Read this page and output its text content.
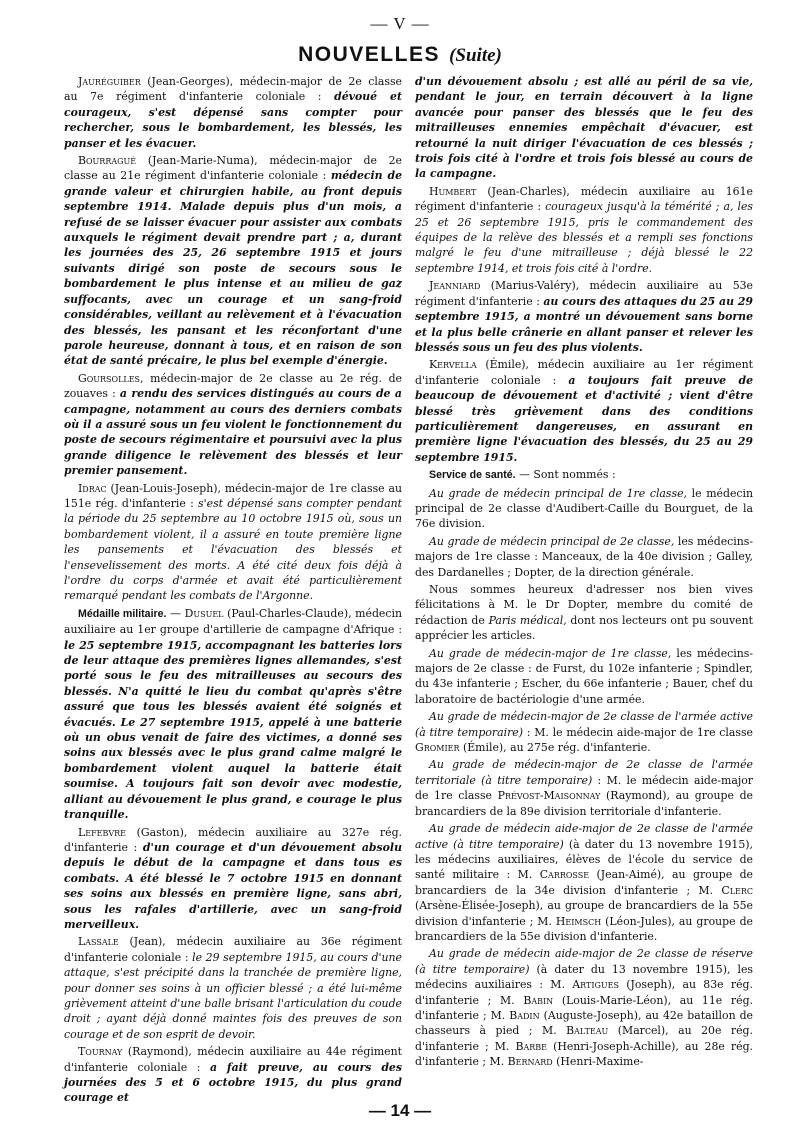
— V —
NOUVELLES (Suite)

Jauréguiber (Jean-Georges), médecin-major de 2e classe au 7e régiment d'infanterie coloniale : dévoué et courageux, s'est dépensé sans compter pour rechercher, sous le bombardement, les blessés, les panser et les évacuer.

Bourragué (Jean-Marie-Numa), médecin-major de 2e classe au 21e régiment d'infanterie coloniale : médecin de grande valeur et chirurgien habile, au front depuis septembre 1914. Malade depuis plus d'un mois, a refusé de se laisser évacuer pour assister aux combats auxquels le régiment devait prendre part ; a, durant les journées des 25, 26 septembre 1915 et jours suivants dirigé son poste de secours sous le bombardement le plus intense et au milieu de gaz suffocants, avec un courage et un sang-froid considérables, veillant au relèvement et à l'évacuation des blessés, les pansant et les réconfortant d'une parole heureuse, donnant à tous, et en raison de son état de santé précaire, le plus bel exemple d'énergie.

Goursolles, médecin-major de 2e classe au 2e rég. de zouaves : a rendu des services distingués au cours de a campagne, notamment au cours des derniers combats où il a assuré sous un feu violent le fonctionnement du poste de secours régimentaire et poursuivi avec la plus grande diligence le relèvement des blessés et leur premier pansement.

Idrac (Jean-Louis-Joseph), médecin-major de 1re classe au 151e rég. d'infanterie : s'est dépensé sans compter pendant la période du 25 septembre au 10 octobre 1915 où, sous un bombardement violent, il a assuré en toute première ligne les pansements et l'évacuation des blessés et l'ensevelissement des morts. A été cité deux fois déjà à l'ordre du corps d'armée et avait été particulièrement remarqué pendant les combats de l'Argonne.

Médaille militaire. — Dusuel (Paul-Charles-Claude), médecin auxiliaire au 1er groupe d'artillerie de campagne d'Afrique : le 25 septembre 1915, accompagnant les batteries lors de leur attaque des premières lignes allemandes, s'est porté sous le feu des mitrailleuses au secours des blessés. N'a quitté le lieu du combat qu'après s'être assuré que tous les blessés avaient été soignés et évacués. Le 27 septembre 1915, appelé à une batterie où un obus venait de faire des victimes, a donné ses soins aux blessés avec le plus grand calme malgré le bombardement violent auquel la batterie était soumise. A toujours fait son devoir avec modestie, alliant au dévouement le plus grand, e courage le plus tranquille.

Lefebvre (Gaston), médecin auxiliaire au 327e rég. d'infanterie : d'un courage et d'un dévouement absolu depuis le début de la campagne et dans tous es combats. A été blessé le 7 octobre 1915 en donnant ses soins aux blessés en première ligne, sans abri, sous les rafales d'artillerie, avec un sang-froid merveilleux.

Lassale (Jean), médecin auxiliaire au 36e régiment d'infanterie coloniale : le 29 septembre 1915, au cours d'une attaque, s'est précipité dans la tranchée de première ligne, pour donner ses soins à un officier blessé ; a été lui-même grièvement atteint d'une balle brisant l'articulation du coude droit ; ayant déjà donné maintes fois des preuves de son courage et de son esprit de devoir.

Tournay (Raymond), médecin auxiliaire au 44e régiment d'infanterie coloniale : a fait preuve, au cours des journées des 5 et 6 octobre 1915, du plus grand courage et

d'un dévouement absolu ; est allé au péril de sa vie, pendant le jour, en terrain découvert à la ligne avancée pour panser des blessés que le feu des mitrailleuses ennemies empêchait d'évacuer, est retourné la nuit diriger l'évacuation de ces blessés ; trois fois cité à l'ordre et trois fois blessé au cours de la campagne.

Humbert (Jean-Charles), médecin auxiliaire au 161e régiment d'infanterie : courageux jusqu'à la témérité ; a, les 25 et 26 septembre 1915, pris le commandement des équipes de la relève des blessés et a rempli ses fonctions malgré le feu d'une mitrailleuse ; déjà blessé le 22 septembre 1914, et trois fois cité à l'ordre.

Jeanniard (Marius-Valéry), médecin auxiliaire au 53e régiment d'infanterie : au cours des attaques du 25 au 29 septembre 1915, a montré un dévouement sans borne et la plus belle crânerie en allant panser et relever les blessés sous un feu des plus violents.

Kervella (Émile), médecin auxiliaire au 1er régiment d'infanterie coloniale : a toujours fait preuve de beaucoup de dévouement et d'activité ; vient d'être blessé très grièvement dans des conditions particulièrement dangereuses, en assurant en première ligne l'évacuation des blessés, du 25 au 29 septembre 1915.

Service de santé. — Sont nommés :

Au grade de médecin principal de 1re classe, le médecin principal de 2e classe d'Audibert-Caille du Bourguet, de la 76e division.

Au grade de médecin principal de 2e classe, les médecins-majors de 1re classe : Manceaux, de la 40e division ; Galley, des Dardanelles ; Dopter, de la direction générale.

Nous sommes heureux d'adresser nos bien vives félicitations à M. le Dr Dopter, membre du comité de rédaction de Paris médical, dont nos lecteurs ont pu souvent apprécier les articles.

Au grade de médecin-major de 1re classe, les médecins-majors de 2e classe : de Furst, du 102e infanterie ; Spindler, du 43e infanterie ; Escher, du 66e infanterie ; Bauer, chef du laboratoire de bactériologie d'une armée.

Au grade de médecin-major de 2e classe de l'armée active (à titre temporaire) : M. le médecin aide-major de 1re classe Gromier (Émile), au 275e rég. d'infanterie.

Au grade de médecin-major de 2e classe de l'armée territoriale (à titre temporaire) : M. le médecin aide-major de 1re classe Prévost-Maisonnay (Raymond), au groupe de brancardiers de la 89e division territoriale d'infanterie.

Au grade de médecin aide-major de 2e classe de l'armée active (à titre temporaire) (à dater du 13 novembre 1915), les médecins auxiliaires, élèves de l'école du service de santé militaire : M. Carrosse (Jean-Aimé), au groupe de brancardiers de la 34e division d'infanterie ; M. Clerc (Arsène-Élisée-Joseph), au groupe de brancardiers de la 55e division d'infanterie ; M. Heimsch (Léon-Jules), au groupe de brancardiers de la 55e division d'infanterie.

Au grade de médecin aide-major de 2e classe de réserve (à titre temporaire) (à dater du 13 novembre 1915), les médecins auxiliaires : M. Artigues (Joseph), au 83e rég. d'infanterie ; M. Babin (Louis-Marie-Léon), au 11e rég. d'infanterie ; M. Badin (Auguste-Joseph), au 42e bataillon de chasseurs à pied ; M. Balteau (Marcel), au 20e rég. d'infanterie ; M. Barbe (Henri-Joseph-Achille), au 28e rég. d'infanterie ; M. Bernard (Henri-Maxime-

— 14 —
